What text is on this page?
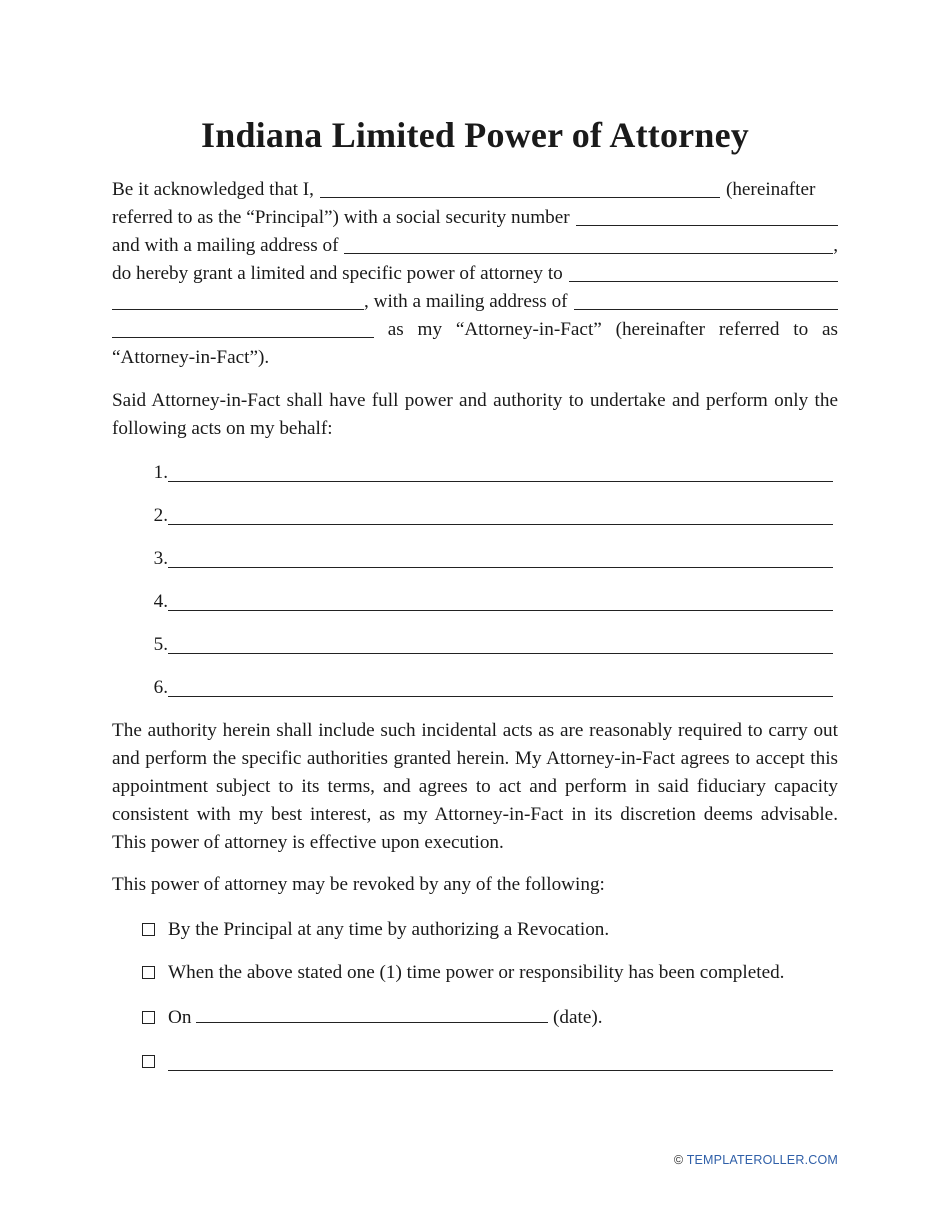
Indiana Limited Power of Attorney
Be it acknowledged that I,	(hereinafter
referred to as the “Principal”) with a social security number
and with a mailing address of	,
do hereby grant a limited and specific power of attorney to
, with a mailing address of
as my “Attorney-in-Fact” (hereinafter referred to as
“Attorney-in-Fact”).

Said Attorney-in-Fact shall have full power and authority to undertake and perform only the following acts on my behalf:

1.
2.
3.
4.
5.
6.

The authority herein shall include such incidental acts as are reasonably required to carry out and perform the specific authorities granted herein. My Attorney-in-Fact agrees to accept this appointment subject to its terms, and agrees to act and perform in said fiduciary capacity consistent with my best interest, as my Attorney-in-Fact in its discretion deems advisable. This power of attorney is effective upon execution.

This power of attorney may be revoked by any of the following:

By the Principal at any time by authorizing a Revocation.
When the above stated one (1) time power or responsibility has been completed.
On	(date).
© TEMPLATEROLLER.COM
